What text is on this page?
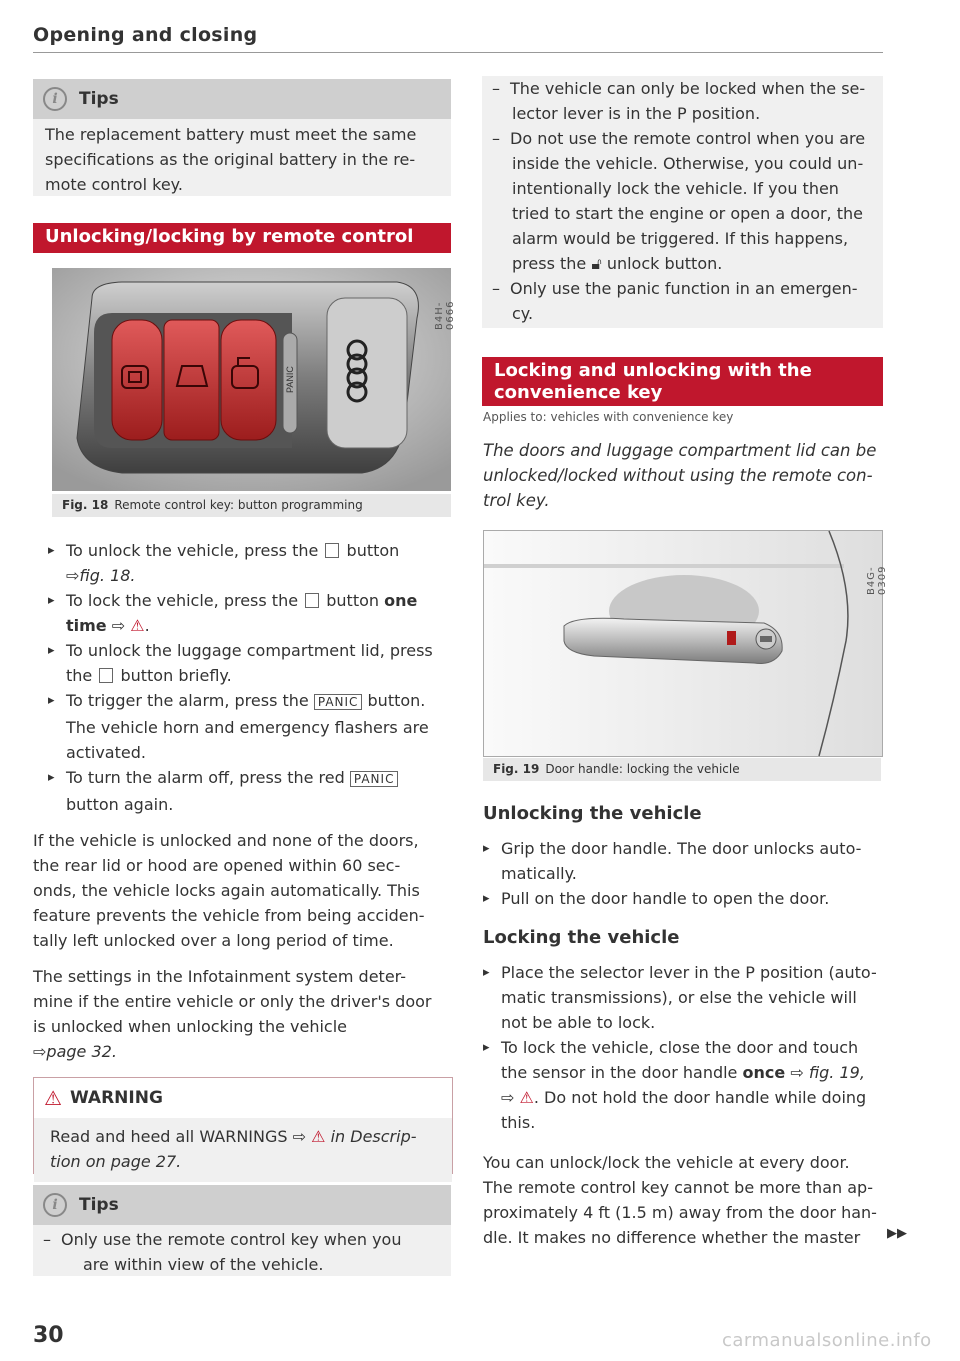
Opening and closing
i	Tips
The replacement battery must meet the same
specifications as the original battery in the re-
mote control key.
Unlocking/locking by remote control
PANIC
B4H-0666
Fig. 18 Remote control key: button programming
▸ To unlock the vehicle, press the button
⇨fig. 18.
▸ To lock the vehicle, press the button one
time ⇨ ⚠.
▸ To unlock the luggage compartment lid, press
the button briefly.
▸ To trigger the alarm, press the PANIC button.
The vehicle horn and emergency flashers are
activated.
▸ To turn the alarm off, press the red PANIC
button again.
If the vehicle is unlocked and none of the doors,
the rear lid or hood are opened within 60 sec-
onds, the vehicle locks again automatically. This
feature prevents the vehicle from being acciden-
tally left unlocked over a long period of time.
The settings in the Infotainment system deter-
mine if the entire vehicle or only the driver's door
is unlocked when unlocking the vehicle
⇨page 32.
⚠ WARNING
Read and heed all WARNINGS ⇨ ⚠ in Descrip-
tion on page 27.
i	Tips
– Only use the remote control key when you
are within view of the vehicle.
30
– The vehicle can only be locked when the se-
lector lever is in the P position.
– Do not use the remote control when you are
inside the vehicle. Otherwise, you could un-
intentionally lock the vehicle. If you then
tried to start the engine or open a door, the
alarm would be triggered. If this happens,
press the 🔓︎ unlock button.
– Only use the panic function in an emergen-
cy.
Locking and unlocking with the
convenience key
Applies to: vehicles with convenience key
The doors and luggage compartment lid can be
unlocked/locked without using the remote con-
trol key.
B4G-0309
Fig. 19 Door handle: locking the vehicle
Unlocking the vehicle
▸ Grip the door handle. The door unlocks auto-
matically.
▸ Pull on the door handle to open the door.
Locking the vehicle
▸ Place the selector lever in the P position (auto-
matic transmissions), or else the vehicle will
not be able to lock.
▸ To lock the vehicle, close the door and touch
the sensor in the door handle once ⇨ fig. 19,
⇨ ⚠. Do not hold the door handle while doing
this.
You can unlock/lock the vehicle at every door.
The remote control key cannot be more than ap-
proximately 4 ft (1.5 m) away from the door han-
dle. It makes no difference whether the master	▶▶
carmanualsonline.info
